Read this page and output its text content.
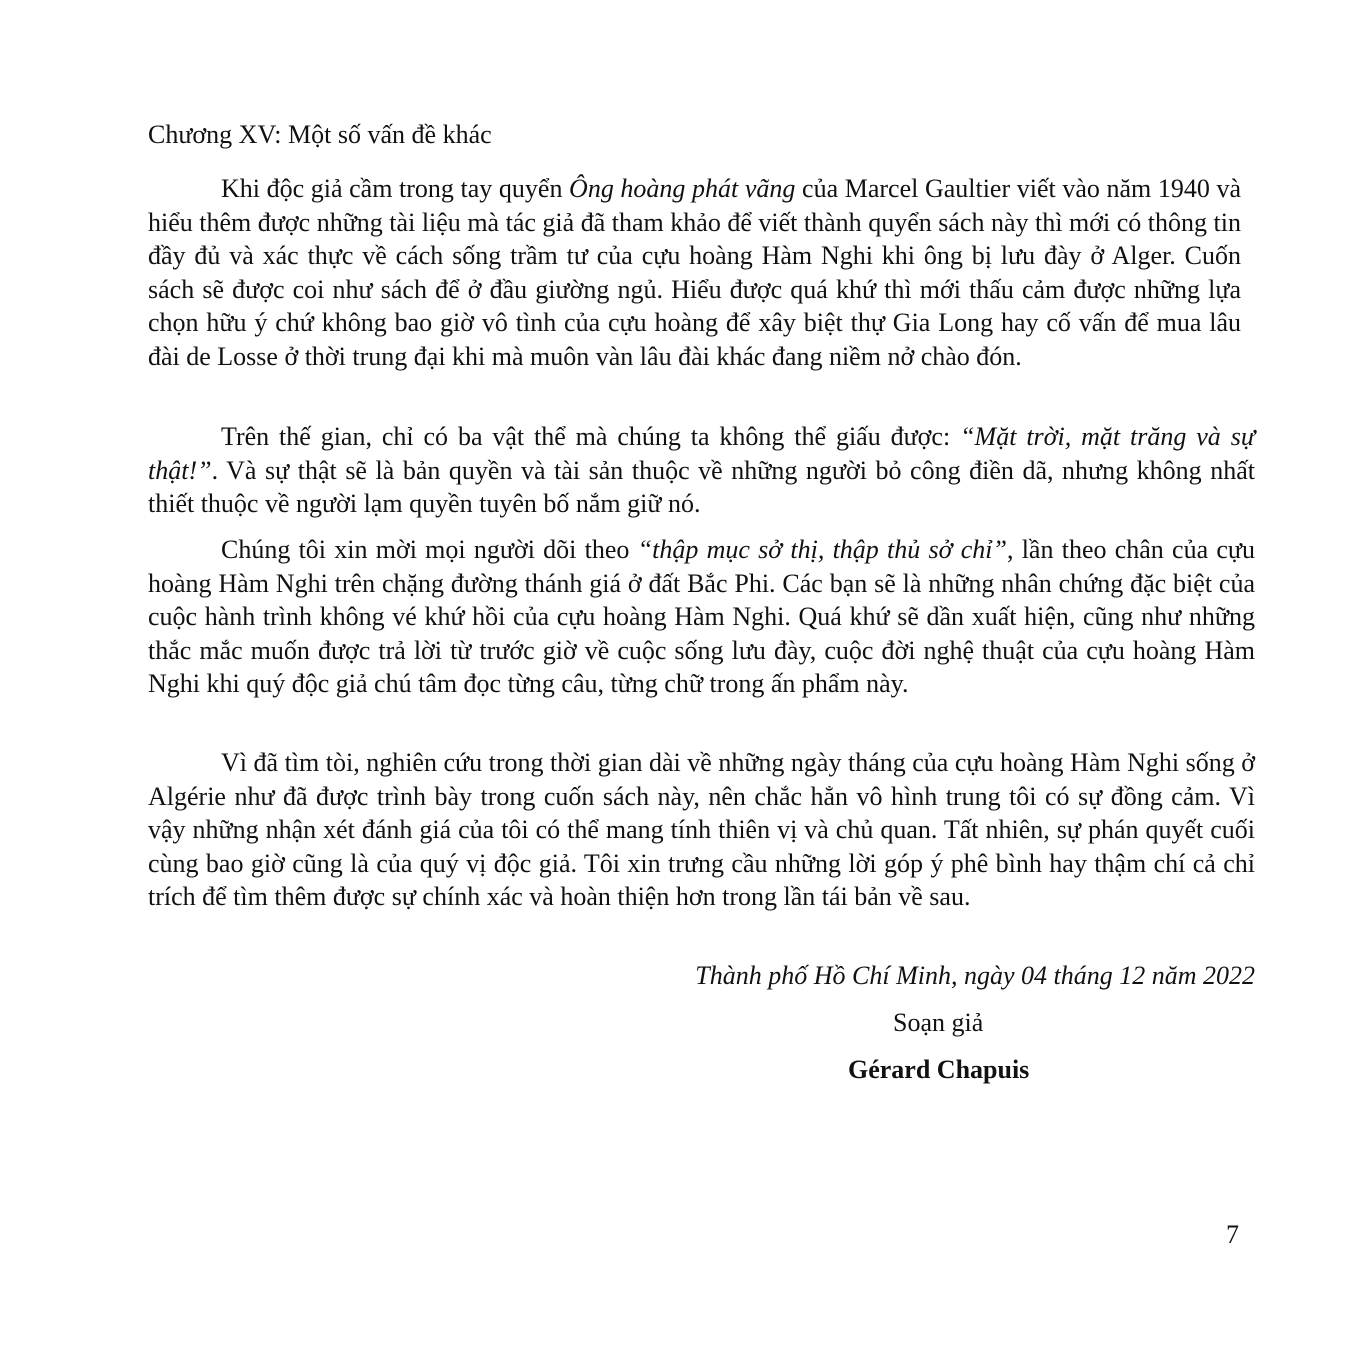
Chương XV: Một số vấn đề khác

Khi độc giả cầm trong tay quyển Ông hoàng phát vãng của Marcel Gaultier viết vào năm 1940 và hiểu thêm được những tài liệu mà tác giả đã tham khảo để viết thành quyển sách này thì mới có thông tin đầy đủ và xác thực về cách sống trầm tư của cựu hoàng Hàm Nghi khi ông bị lưu đày ở Alger. Cuốn sách sẽ được coi như sách để ở đầu giường ngủ. Hiểu được quá khứ thì mới thấu cảm được những lựa chọn hữu ý chứ không bao giờ vô tình của cựu hoàng để xây biệt thự Gia Long hay cố vấn để mua lâu đài de Losse ở thời trung đại khi mà muôn vàn lâu đài khác đang niềm nở chào đón.

Trên thế gian, chỉ có ba vật thể mà chúng ta không thể giấu được: “Mặt trời, mặt trăng và sự thật!”. Và sự thật sẽ là bản quyền và tài sản thuộc về những người bỏ công điền dã, nhưng không nhất thiết thuộc về người lạm quyền tuyên bố nắm giữ nó.

Chúng tôi xin mời mọi người dõi theo “thập mục sở thị, thập thủ sở chỉ”, lần theo chân của cựu hoàng Hàm Nghi trên chặng đường thánh giá ở đất Bắc Phi. Các bạn sẽ là những nhân chứng đặc biệt của cuộc hành trình không vé khứ hồi của cựu hoàng Hàm Nghi. Quá khứ sẽ dần xuất hiện, cũng như những thắc mắc muốn được trả lời từ trước giờ về cuộc sống lưu đày, cuộc đời nghệ thuật của cựu hoàng Hàm Nghi khi quý độc giả chú tâm đọc từng câu, từng chữ trong ấn phẩm này.

Vì đã tìm tòi, nghiên cứu trong thời gian dài về những ngày tháng của cựu hoàng Hàm Nghi sống ở Algérie như đã được trình bày trong cuốn sách này, nên chắc hẳn vô hình trung tôi có sự đồng cảm. Vì vậy những nhận xét đánh giá của tôi có thể mang tính thiên vị và chủ quan. Tất nhiên, sự phán quyết cuối cùng bao giờ cũng là của quý vị độc giả. Tôi xin trưng cầu những lời góp ý phê bình hay thậm chí cả chỉ trích để tìm thêm được sự chính xác và hoàn thiện hơn trong lần tái bản về sau.

Thành phố Hồ Chí Minh, ngày 04 tháng 12 năm 2022
Soạn giả
Gérard Chapuis
7
